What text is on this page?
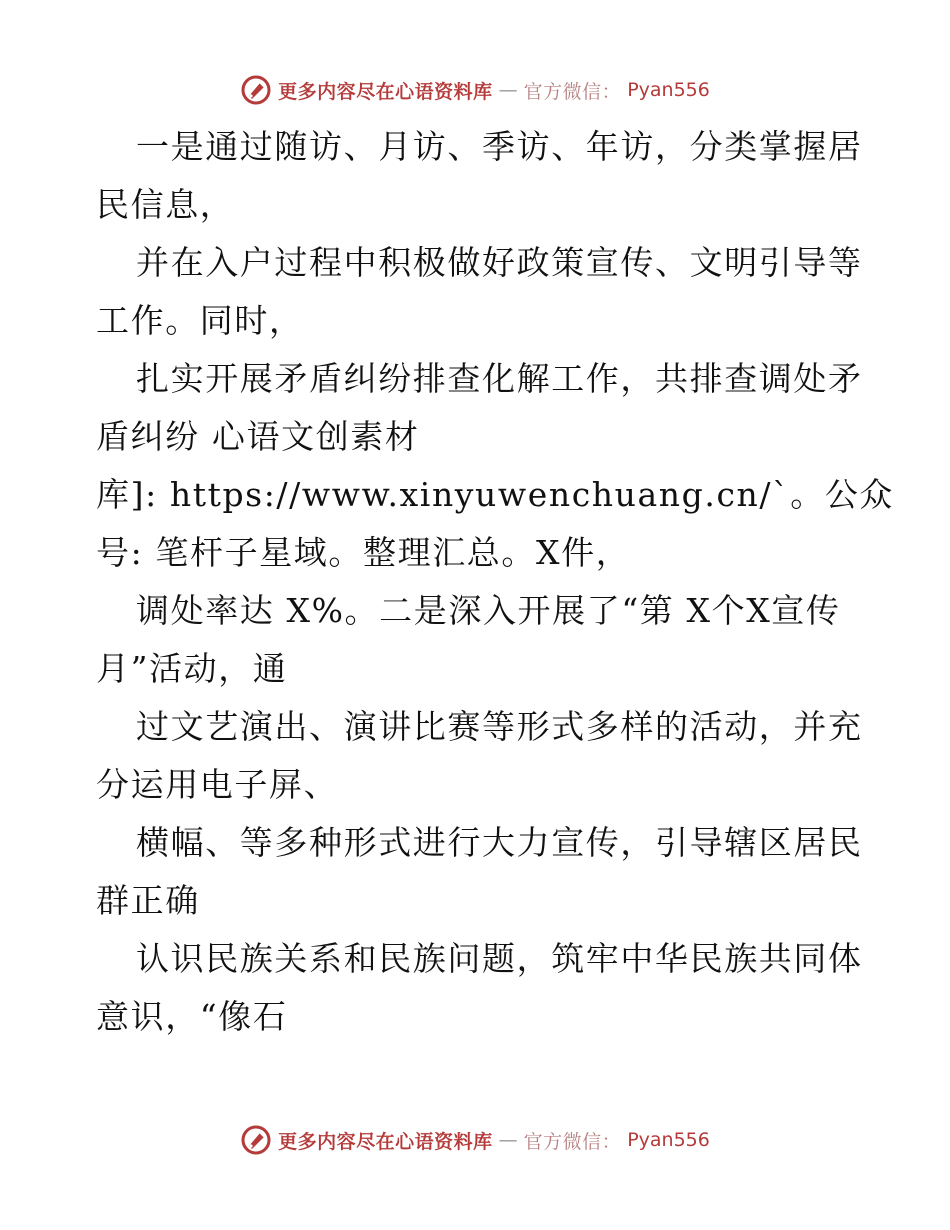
更多内容尽在心语资料库 — 官方微信： Pyan556
一是通过随访、月访、季访、年访，分类掌握居
民信息，
并在入户过程中积极做好政策宣传、文明引导等
工作。同时，
扎实开展矛盾纠纷排查化解工作，共排查调处矛
盾纠纷 心语文创素材
库]: https://www.xinyuwenchuang.cn/`。公众
号: 笔杆子星域。整理汇总。X件，
调处率达 X%。二是深入开展了“第 X个X宣传
月”活动，通
过文艺演出、演讲比赛等形式多样的活动，并充
分运用电子屏、
横幅、等多种形式进行大力宣传，引导辖区居民
群正确
认识民族关系和民族问题，筑牢中华民族共同体
意识，“像石
更多内容尽在心语资料库 — 官方微信： Pyan556
